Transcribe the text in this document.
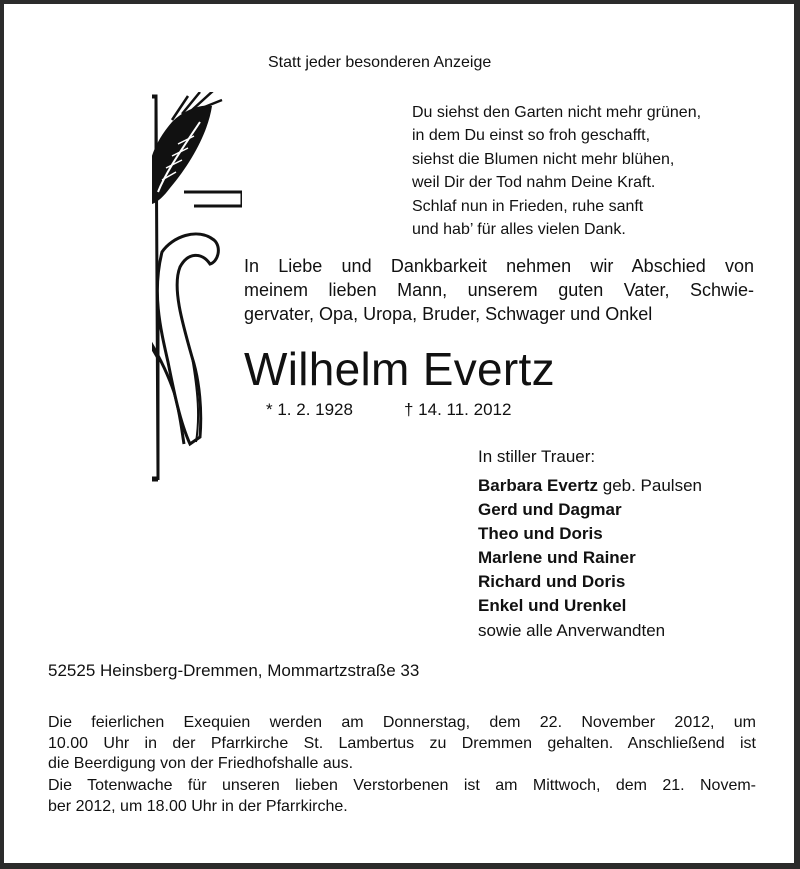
Statt jeder besonderen Anzeige
Du siehst den Garten nicht mehr grünen,
in dem Du einst so froh geschafft,
siehst die Blumen nicht mehr blühen,
weil Dir der Tod nahm Deine Kraft.
Schlaf nun in Frieden, ruhe sanft
und hab’ für alles vielen Dank.
In Liebe und Dankbarkeit nehmen wir Abschied von
meinem lieben Mann, unserem guten Vater, Schwie-
gervater, Opa, Uropa, Bruder, Schwager und Onkel
Wilhelm Evertz
* 1. 2. 1928	† 14. 11. 2012
In stiller Trauer:
Barbara Evertz geb. Paulsen
Gerd und Dagmar
Theo und Doris
Marlene und Rainer
Richard und Doris
Enkel und Urenkel
sowie alle Anverwandten
52525 Heinsberg-Dremmen, Mommartzstraße 33
Die feierlichen Exequien werden am Donnerstag, dem 22. November 2012, um
10.00 Uhr in der Pfarrkirche St. Lambertus zu Dremmen gehalten. Anschließend ist
die Beerdigung von der Friedhofshalle aus.
Die Totenwache für unseren lieben Verstorbenen ist am Mittwoch, dem 21. Novem-
ber 2012, um 18.00 Uhr in der Pfarrkirche.
